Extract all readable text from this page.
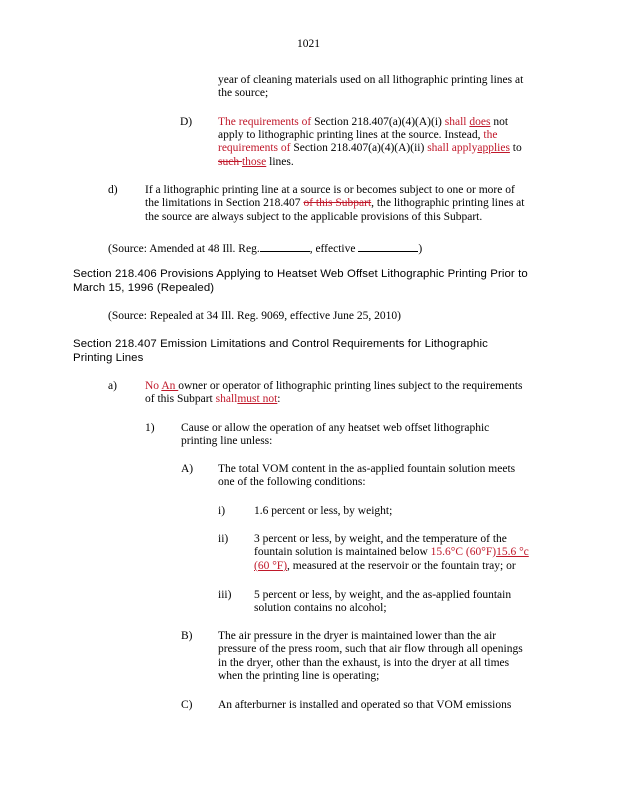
1021
year of cleaning materials used on all lithographic printing lines at
the source;
D) The requirements of Section 218.407(a)(4)(A)(i) shall does not
apply to lithographic printing lines at the source. Instead, the
requirements of Section 218.407(a)(4)(A)(ii) shall applyapplies to
such those lines.
d) If a lithographic printing line at a source is or becomes subject to one or more of
the limitations in Section 218.407 of this Subpart, the lithographic printing lines at
the source are always subject to the applicable provisions of this Subpart.
(Source: Amended at 48 Ill. Reg.	, effective	)
Section 218.406 Provisions Applying to Heatset Web Offset Lithographic Printing Prior to
March 15, 1996 (Repealed)
(Source: Repealed at 34 Ill. Reg. 9069, effective June 25, 2010)
Section 218.407 Emission Limitations and Control Requirements for Lithographic
Printing Lines
a) No An owner or operator of lithographic printing lines subject to the requirements
of this Subpart shallmust not:
1) Cause or allow the operation of any heatset web offset lithographic
printing line unless:
A) The total VOM content in the as-applied fountain solution meets
one of the following conditions:
i)	1.6 percent or less, by weight;
ii) 3 percent or less, by weight, and the temperature of the
fountain solution is maintained below 15.6°C (60°F)15.6 °c
(60 °F), measured at the reservoir or the fountain tray; or
iii) 5 percent or less, by weight, and the as-applied fountain
solution contains no alcohol;
B) The air pressure in the dryer is maintained lower than the air
pressure of the press room, such that air flow through all openings
in the dryer, other than the exhaust, is into the dryer at all times
when the printing line is operating;
C) An afterburner is installed and operated so that VOM emissions
